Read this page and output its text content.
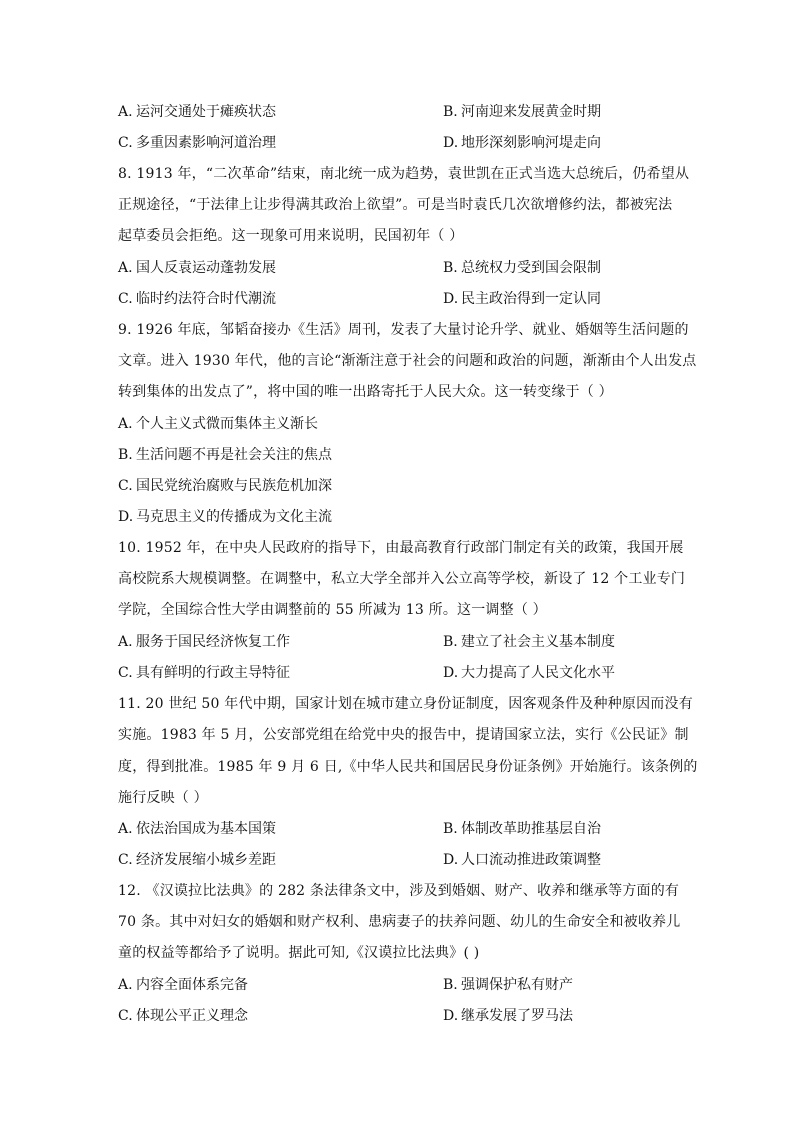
A. 运河交通处于瘫痪状态	B. 河南迎来发展黄金时期
C. 多重因素影响河道治理	D. 地形深刻影响河堤走向
8. 1913 年，“二次革命”结束，南北统一成为趋势，袁世凯在正式当选大总统后，仍希望从
正规途径，“于法律上让步得满其政治上欲望”。可是当时袁氏几次欲增修约法，都被宪法
起草委员会拒绝。这一现象可用来说明，民国初年（ ）
A. 国人反袁运动蓬勃发展	B. 总统权力受到国会限制
C. 临时约法符合时代潮流	D. 民主政治得到一定认同
9. 1926 年底，邹韬奋接办《生活》周刊，发表了大量讨论升学、就业、婚姻等生活问题的
文章。进入 1930 年代，他的言论“渐渐注意于社会的问题和政治的问题，渐渐由个人出发点
转到集体的出发点了”，将中国的唯一出路寄托于人民大众。这一转变缘于（ ）
A. 个人主义式微而集体主义渐长
B. 生活问题不再是社会关注的焦点
C. 国民党统治腐败与民族危机加深
D. 马克思主义的传播成为文化主流
10. 1952 年，在中央人民政府的指导下，由最高教育行政部门制定有关的政策，我国开展
高校院系大规模调整。在调整中，私立大学全部并入公立高等学校，新设了 12 个工业专门
学院，全国综合性大学由调整前的 55 所减为 13 所。这一调整（ ）
A. 服务于国民经济恢复工作	B. 建立了社会主义基本制度
C. 具有鲜明的行政主导特征	D. 大力提高了人民文化水平
11. 20 世纪 50 年代中期，国家计划在城市建立身份证制度，因客观条件及种种原因而没有
实施。1983 年 5 月，公安部党组在给党中央的报告中，提请国家立法，实行《公民证》制
度，得到批准。1985 年 9 月 6 日,《中华人民共和国居民身份证条例》开始施行。该条例的
施行反映（ ）
A. 依法治国成为基本国策	B. 体制改革助推基层自治
C. 经济发展缩小城乡差距	D. 人口流动推进政策调整
12. 《汉谟拉比法典》的 282 条法律条文中，涉及到婚姻、财产、收养和继承等方面的有
70 条。其中对妇女的婚姻和财产权利、患病妻子的扶养问题、幼儿的生命安全和被收养儿
童的权益等都给予了说明。据此可知,《汉谟拉比法典》( )
A. 内容全面体系完备	B. 强调保护私有财产
C. 体现公平正义理念	D. 继承发展了罗马法
